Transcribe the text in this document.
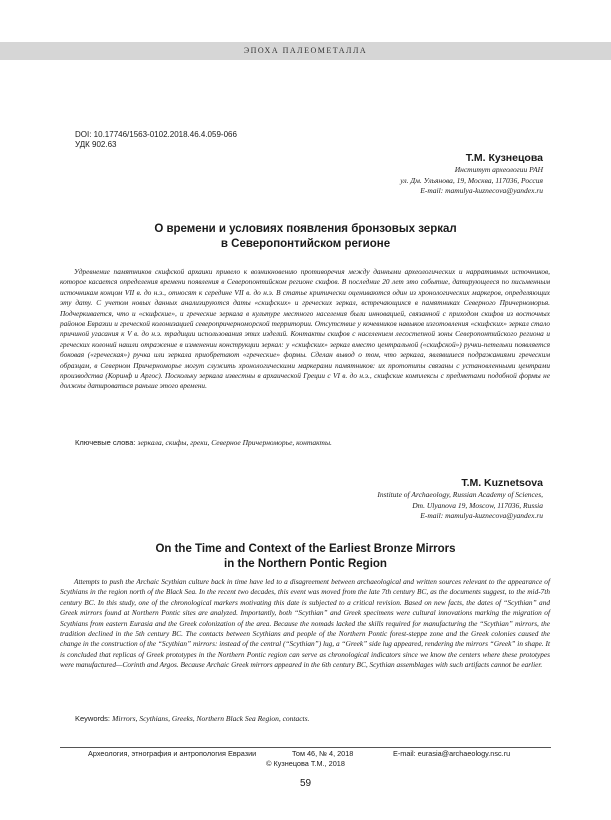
ЭПОХА ПАЛЕОМЕТАЛЛА
DOI: 10.17746/1563-0102.2018.46.4.059-066
УДК 902.63
Т.М. Кузнецова
Институт археологии РАН
ул. Дм. Ульянова, 19, Москва, 117036, Россия
E-mail: mamulya-kuznecova@yandex.ru
О времени и условиях появления бронзовых зеркал
в Северопонтийском регионе

Удревнение памятников скифской архаики привело к возникновению противоречия между данными археологических и нарративных источников, которое касается определения времени появления в Северопонтийском регионе скифов. В последние 20 лет это событие, датирующееся по письменным источникам концом VII в. до н.э., относят к середине VII в. до н.э. В статье критически оцениваются один из хронологических маркеров, определяющих эту дату. С учетом новых данных анализируются даты «скифских» и греческих зеркал, встречающихся в памятниках Северного Причерноморья. Подчеркивается, что и «скифские», и греческие зеркала в культуре местного населения были инновацией, связанной с приходом скифов из восточных районов Евразии и греческой колонизацией северопричерноморской территории. Отсутствие у кочевников навыков изготовления «скифских» зеркал стало причиной угасания к V в. до н.э. традиции использования этих изделий. Контакты скифов с населением лесостепной зоны Северопонтийского региона и греческих колоний нашли отражение в изменении конструкции зеркал: у «скифских» зеркал вместо центральной («скифской») ручки-петельки появляется боковая («греческая») ручка или зеркала приобретают «греческие» формы. Сделан вывод о том, что зеркала, являвшиеся подражаниями греческим образцам, в Северном Причерноморье могут служить хронологическими маркерами памятников: их прототипы связаны с установленными центрами производства (Коринф и Аргос). Поскольку зеркала известны в архаической Греции с VI в. до н.э., скифские комплексы с предметами подобной формы не должны датироваться раньше этого времени.

Ключевые слова: зеркала, скифы, греки, Северное Причерноморье, контакты.
T.M. Kuznetsova
Institute of Archaeology, Russian Academy of Sciences,
Dm. Ulyanova 19, Moscow, 117036, Russia
E-mail: mamulya-kuznecova@yandex.ru
On the Time and Context of the Earliest Bronze Mirrors
in the Northern Pontic Region

Attempts to push the Archaic Scythian culture back in time have led to a disagreement between archaeological and written sources relevant to the appearance of Scythians in the region north of the Black Sea. In the recent two decades, this event was moved from the late 7th century BC, as the documents suggest, to the mid-7th century BC. In this study, one of the chronological markers motivating this date is subjected to a critical revision. Based on new facts, the dates of “Scythian” and Greek mirrors found at Northern Pontic sites are analyzed. Importantly, both “Scythian” and Greek specimens were cultural innovations marking the migration of Scythians from eastern Eurasia and the Greek colonization of the area. Because the nomads lacked the skills required for manufacturing the “Scythian” mirrors, the tradition declined in the 5th century BC. The contacts between Scythians and people of the Northern Pontic forest-steppe zone and the Greek colonies caused the change in the construction of the “Scythian” mirrors: instead of the central (“Scythian”) lug, a “Greek” side lug appeared, rendering the mirrors “Greek” in shape. It is concluded that replicas of Greek prototypes in the Northern Pontic region can serve as chronological indicators since we know the centers where these prototypes were manufactured—Corinth and Argos. Because Archaic Greek mirrors appeared in the 6th century BC, Scythian assemblages with such artifacts cannot be earlier.

Keywords: Mirrors, Scythians, Greeks, Northern Black Sea Region, contacts.
Археология, этнография и антропология Евразии	Том 46, № 4, 2018	E-mail: eurasia@archaeology.nsc.ru
© Кузнецова Т.М., 2018
59
